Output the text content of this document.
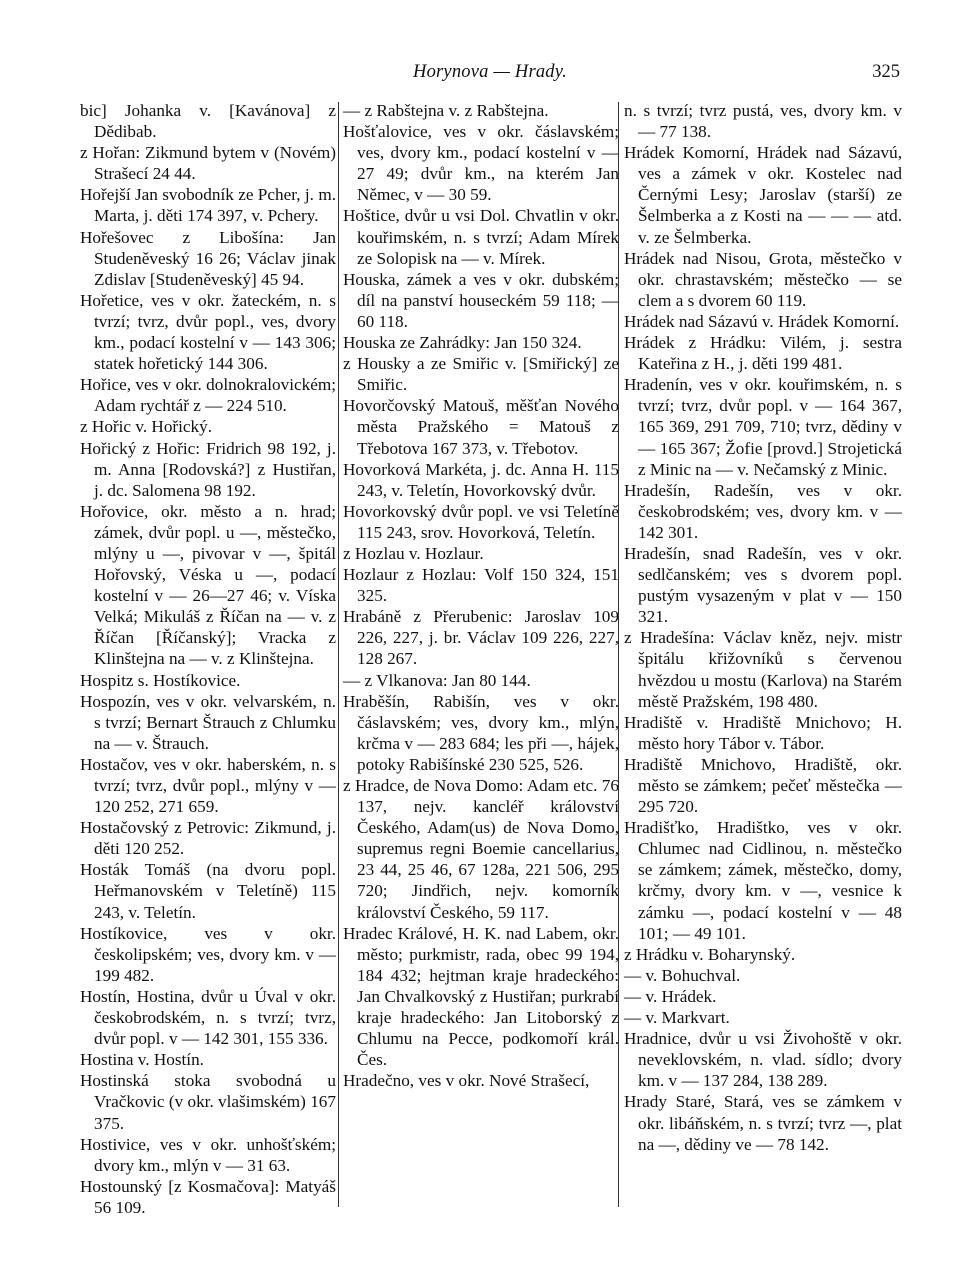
Horynova — Hrady.	325

bic] Johanka v. [Kavánova] z Dědibab.

z Hořan: Zikmund bytem v (Novém) Strašecí 24 44.

Hořejší Jan svobodník ze Pcher, j. m. Marta, j. děti 174 397, v. Pchery.

Hořešovec z Libošína: Jan Studeněveský 16 26; Václav jinak Zdislav [Studeněveský] 45 94.

Hořetice, ves v okr. žateckém, n. s tvrzí; tvrz, dvůr popl., ves, dvory km., podací kostelní v — 143 306; statek hořetický 144 306.

Hořice, ves v okr. dolnokralovickém; Adam rychtář z — 224 510.

z Hořic v. Hořický.

Hořický z Hořic: Fridrich 98 192, j. m. Anna [Rodovská?] z Hustiřan, j. dc. Salomena 98 192.

Hořovice, okr. město a n. hrad; zámek, dvůr popl. u —, městečko, mlýny u —, pivovar v —, špitál Hořovský, Véska u —, podací kostelní v — 26—27 46; v. Víska Velká; Mikuláš z Říčan na — v. z Říčan [Říčanský]; Vracka z Klinštejna na — v. z Klinštejna.

Hospitz s. Hostíkovice.

Hospozín, ves v okr. velvarském, n. s tvrzí; Bernart Štrauch z Chlumku na — v. Štrauch.

Hostačov, ves v okr. haberském, n. s tvrzí; tvrz, dvůr popl., mlýny v — 120 252, 271 659.

Hostačovský z Petrovic: Zikmund, j. děti 120 252.

Hosták Tomáš (na dvoru popl. Heřmanovském v Teletíně) 115 243, v. Teletín.

Hostíkovice, ves v okr. českolipském; ves, dvory km. v — 199 482.

Hostín, Hostina, dvůr u Úval v okr. českobrodském, n. s tvrzí; tvrz, dvůr popl. v — 142 301, 155 336.

Hostina v. Hostín.

Hostinská stoka svobodná u Vračkovic (v okr. vlašimském) 167 375.

Hostivice, ves v okr. unhošťském; dvory km., mlýn v — 31 63.

Hostounský [z Kosmačova]: Matyáš 56 109.

— z Rabštejna v. z Rabštejna.

Hošťalovice, ves v okr. čáslavském; ves, dvory km., podací kostelní v — 27 49; dvůr km., na kterém Jan Němec, v — 30 59.

Hoštice, dvůr u vsi Dol. Chvatlin v okr. kouřimském, n. s tvrzí; Adam Mírek ze Solopisk na — v. Mírek.

Houska, zámek a ves v okr. dubském; díl na panství houseckém 59 118; — 60 118.

Houska ze Zahrádky: Jan 150 324.

z Housky a ze Smiřic v. [Smiřický] ze Smiřic.

Hovorčovský Matouš, měšťan Nového města Pražského = Matouš z Třebotova 167 373, v. Třebotov.

Hovorková Markéta, j. dc. Anna H. 115 243, v. Teletín, Hovorkovský dvůr.

Hovorkovský dvůr popl. ve vsi Teletíně 115 243, srov. Hovorková, Teletín.

z Hozlau v. Hozlaur.

Hozlaur z Hozlau: Volf 150 324, 151 325.

Hrabáně z Přerubenic: Jaroslav 109 226, 227, j. br. Václav 109 226, 227, 128 267.

— z Vlkanova: Jan 80 144.

Hraběšín, Rabišín, ves v okr. čáslavském; ves, dvory km., mlýn, krčma v — 283 684; les při —, hájek, potoky Rabišínské 230 525, 526.

z Hradce, de Nova Domo: Adam etc. 76 137, nejv. kancléř království Českého, Adam(us) de Nova Domo, supremus regni Boemie cancellarius, 23 44, 25 46, 67 128a, 221 506, 295 720; Jindřich, nejv. komorník království Českého, 59 117.

Hradec Králové, H. K. nad Labem, okr. město; purkmistr, rada, obec 99 194, 184 432; hejtman kraje hradeckého: Jan Chvalkovský z Hustiřan; purkrabí kraje hradeckého: Jan Litoborský z Chlumu na Pecce, podkomoří král. Čes.

Hradečno, ves v okr. Nové Strašecí,

n. s tvrzí; tvrz pustá, ves, dvory km. v — 77 138.

Hrádek Komorní, Hrádek nad Sázavú, ves a zámek v okr. Kostelec nad Černými Lesy; Jaroslav (starší) ze Šelmberka a z Kosti na — — — atd. v. ze Šelmberka.

Hrádek nad Nisou, Grota, městečko v okr. chrastavském; městečko — se clem a s dvorem 60 119.

Hrádek nad Sázavú v. Hrádek Komorní.

Hrádek z Hrádku: Vilém, j. sestra Kateřina z H., j. děti 199 481.

Hradenín, ves v okr. kouřimském, n. s tvrzí; tvrz, dvůr popl. v — 164 367, 165 369, 291 709, 710; tvrz, dědiny v — 165 367; Žofie [provd.] Strojetická z Minic na — v. Nečamský z Minic.

Hradešín, Radešín, ves v okr. českobrodském; ves, dvory km. v — 142 301.

Hradešín, snad Radešín, ves v okr. sedlčanském; ves s dvorem popl. pustým vysazeným v plat v — 150 321.

z Hradešína: Václav kněz, nejv. mistr špitálu křižovníků s červenou hvězdou u mostu (Karlova) na Starém městě Pražském, 198 480.

Hradiště v. Hradiště Mnichovo; H. město hory Tábor v. Tábor.

Hradiště Mnichovo, Hradiště, okr. město se zámkem; pečeť městečka — 295 720.

Hradišťko, Hradištko, ves v okr. Chlumec nad Cidlinou, n. městečko se zámkem; zámek, městečko, domy, krčmy, dvory km. v —, vesnice k zámku —, podací kostelní v — 48 101; — 49 101.

z Hrádku v. Boharynský.

— v. Bohuchval.

— v. Hrádek.

— v. Markvart.

Hradnice, dvůr u vsi Živohoště v okr. neveklovském, n. vlad. sídlo; dvory km. v — 137 284, 138 289.

Hrady Staré, Stará, ves se zámkem v okr. libáňském, n. s tvrzí; tvrz —, plat na —, dědiny ve — 78 142.
